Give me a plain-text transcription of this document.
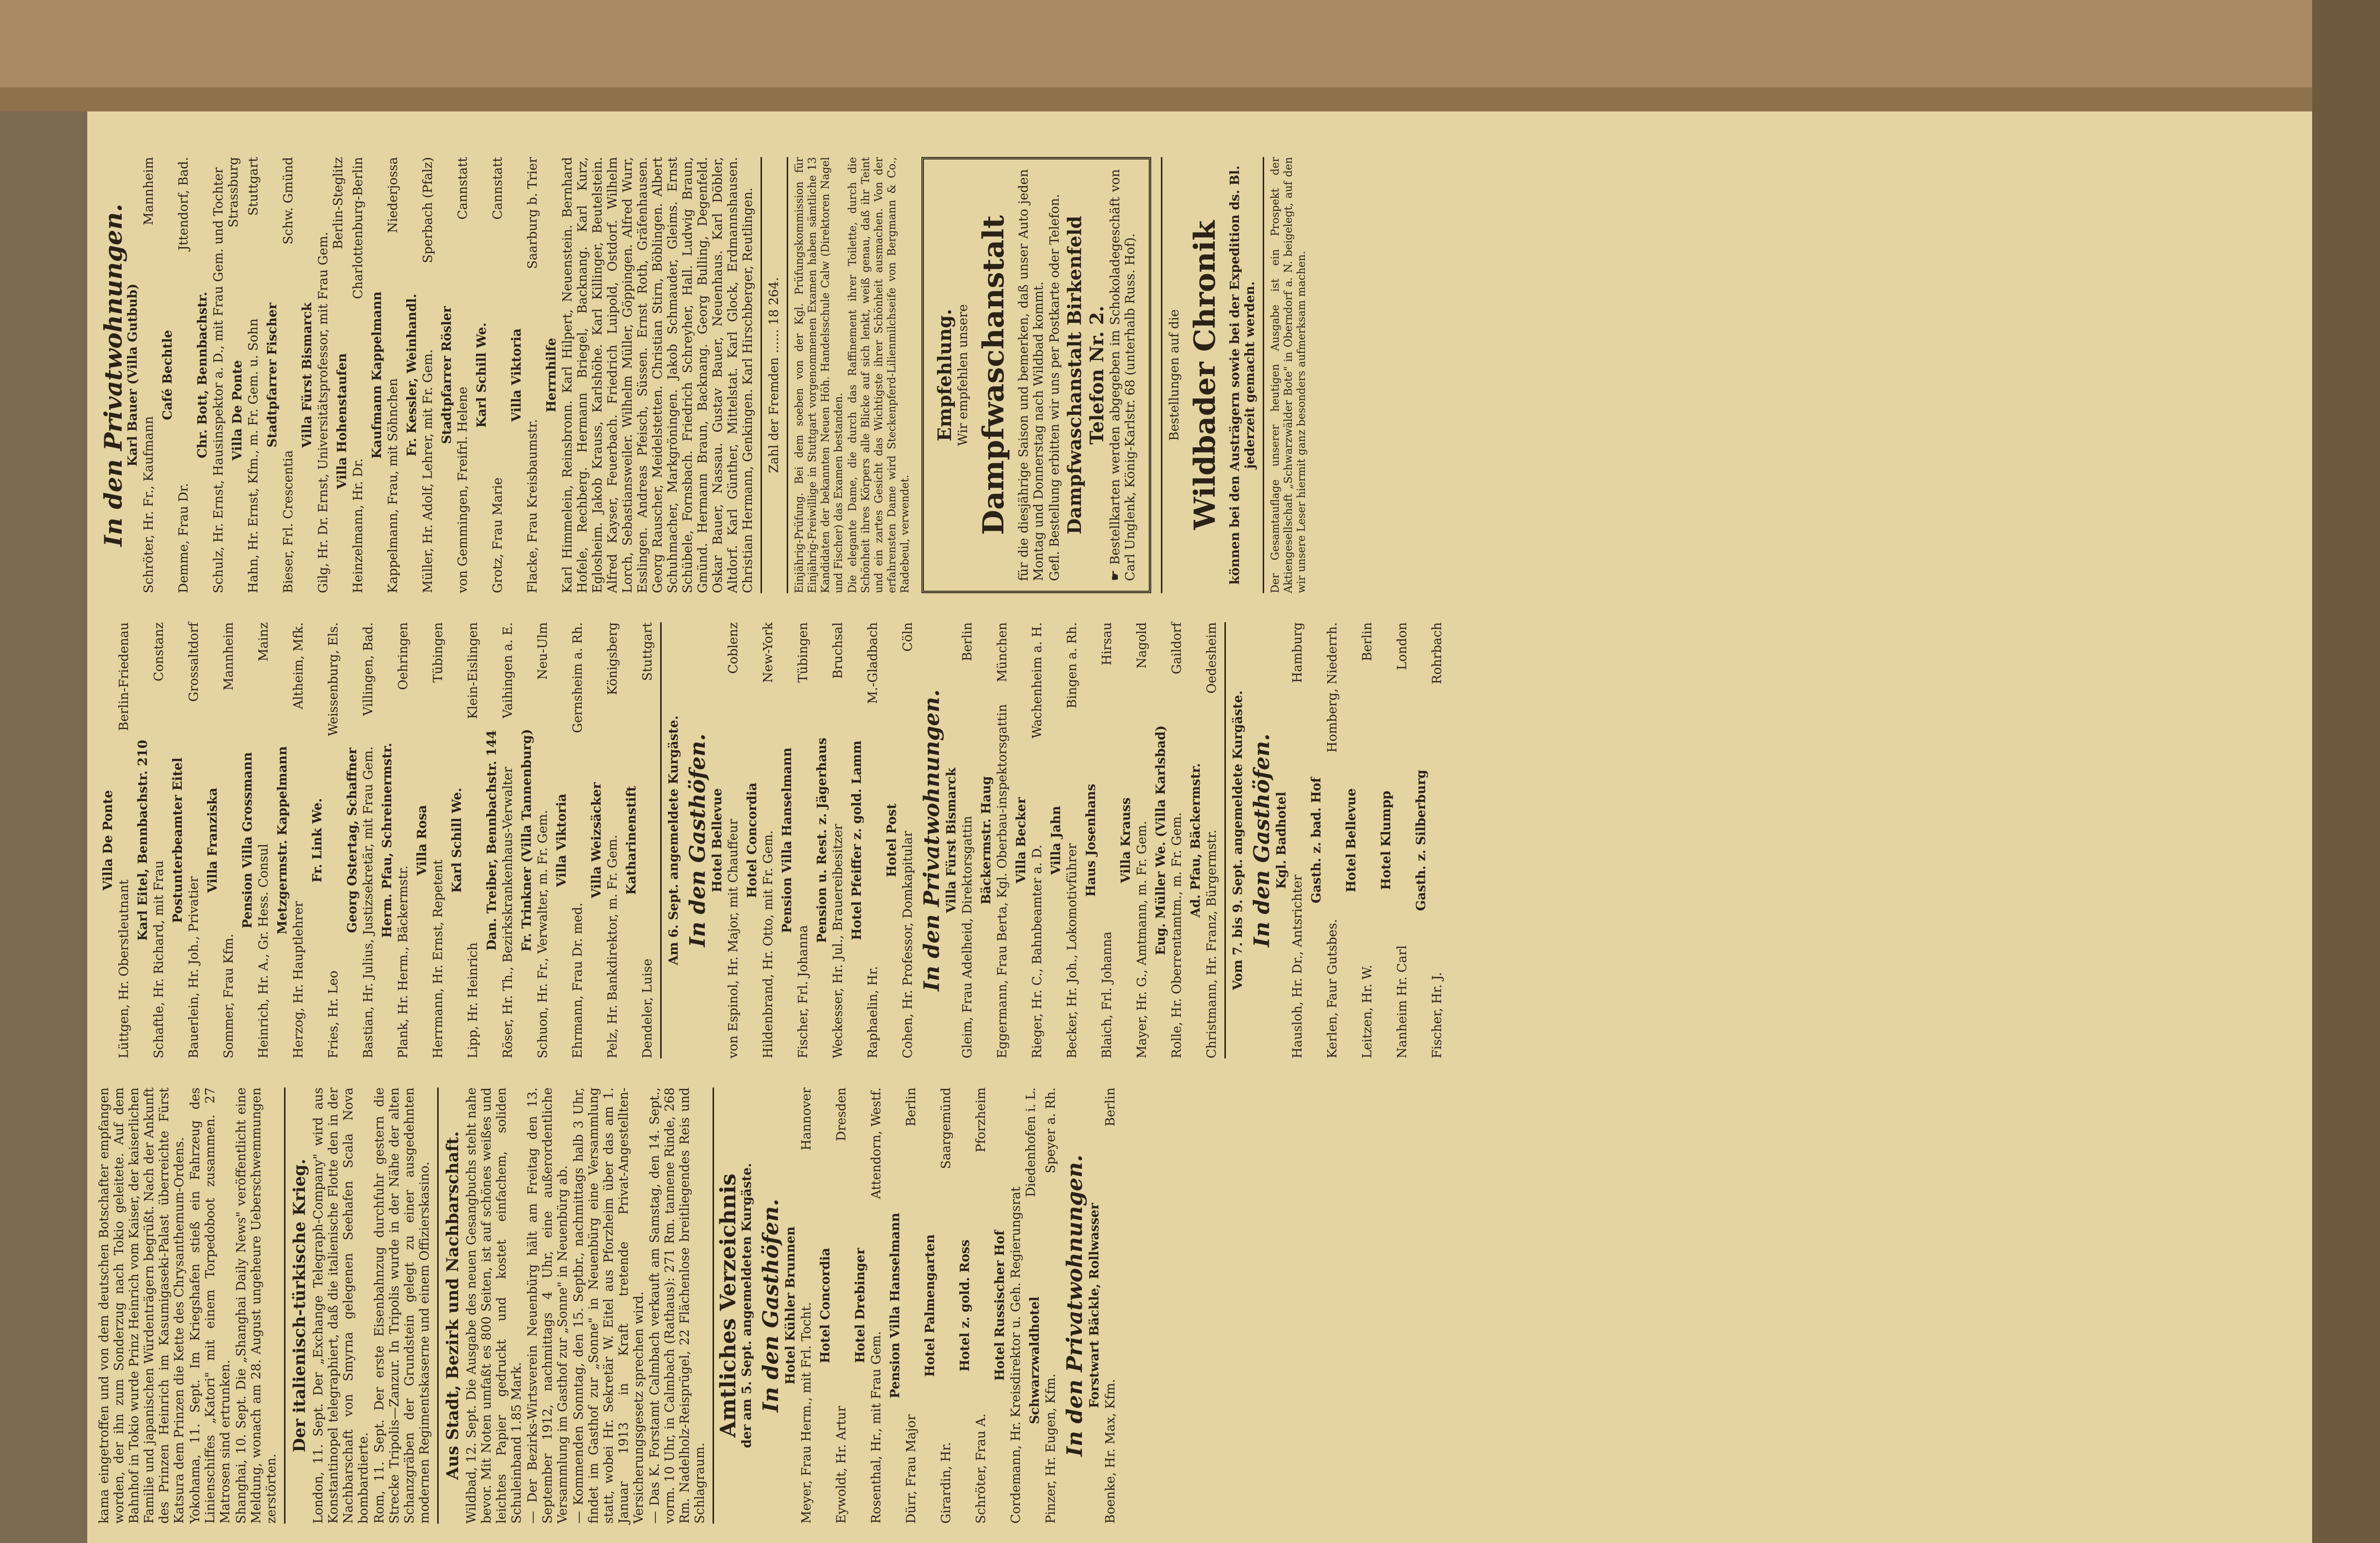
kama eingetroffen und von dem deutschen Botschafter empfangen worden, der ihn zum Sonderzug nach Tokio geleitete. Auf dem Bahnhof in Tokio wurde Prinz Heinrich vom Kaiser, der kaiserlichen Familie und japanischen Würdenträgern begrüßt. Nach der Ankunft des Prinzen Heinrich im Kasumigaseki-Palast überreichte Fürst Katsura dem Prinzen die Kette des Chrysanthemum-Ordens. Yokohama, 11. Sept. Im Kriegshafen stieß ein Fahrzeug des Linienschiffes „Katori" mit einem Torpedoboot zusammen. 27 Matrosen sind ertrunken. Shanghai, 10. Sept. Die „Shanghai Daily News" veröffentlicht eine Meldung, wonach am 28. August ungeheure Ueberschwemmungen zerstörten.

Der italienisch-türkische Krieg. London, 11. Sept. Der „Exchange Telegraph-Company" wird aus Konstantinopel telegraphiert, daß die italienische Flotte den in der Nachbarschaft von Smyrna gelegenen Seehafen Scala Nova bombardierte. Rom, 11. Sept. Der erste Eisenbahnzug durchfuhr gestern die Strecke Tripolis—Zanzur. In Tripolis wurde in der Nähe der alten Schanzgräben der Grundstein gelegt zu einer ausgedehnten modernen Regimentskaserne und einem Offizierskasino. Aus Stadt, Bezirk und Nachbarschaft. Wildbad, 12. Sept. Die Ausgabe des neuen Gesangbuchs steht nahe bevor. Mit Noten umfaßt es 800 Seiten, ist auf schönes weißes und leichtes Papier gedruckt und kostet einfachem, soliden Schuleinband 1.85 Mark. — Der Bezirks-Wirtsverein Neuenbürg hält am Freitag den 13. September 1912, nachmittags 4 Uhr, eine außerordentliche Versammlung im Gasthof zur „Sonne" in Neuenbürg ab. — Kommenden Sonntag, den 15. Septbr., nachmittags halb 3 Uhr, findet im Gasthof zur „Sonne" in Neuenbürg eine Versammlung statt, wobei Hr. Sekretär W. Eitel aus Pforzheim über das am 1. Januar 1913 in Kraft tretende Privat-Angestellten-Versicherungsgesetz sprechen wird. — Das K. Forstamt Calmbach verkauft am Samstag, den 14. Sept., vorm. 10 Uhr, in Calmbach (Rathaus): 271 Rm. tannene Rinde, 268 Rm. Nadelholz-Reisprügel, 22 Flächenlose breitliegendes Reis und Schlagraum.

Amtliches Verzeichnis
der am 5. Sept. angemeldeten Kurgäste. In den Gasthöfen. Hotel Kühler Brunnen Meyer, Frau Herm., mit Frl. Tocht.
Hannover

Hotel Concordia

Eywoldt, Hr. Artur
Dresden

Hotel Drebinger

Rosenthal, Hr., mit Frau Gem.
Attendorn, Westf.

Pension Villa Hanselmann

Dürr, Frau Major
Berlin

Hotel Palmengarten

Girardin, Hr.
Saargemünd

Hotel z. gold. Ross

Schröter, Frau A.
Pforzheim

Hotel Russischer Hof Cordemann, Hr. Kreisdirektor u. Geh. Regierungsrat
Diedenhofen i. L.

Schwarzwaldhotel

Pinzer, Hr. Eugen, Kfm.
Speyer a. Rh.

In den Privatwohnungen. Forstwart Bäckle, Rollwasser

Boenke, Hr. Max, Kfm.
Berlin

Villa De Ponte

Lüttgen, Hr. Oberstleutnant
Berlin-Friedenau

Karl Eitel, Bennbachstr. 210

Schaftle, Hr. Richard, mit Frau
Constanz

Postunterbeamter Eitel

Bauerlein, Hr. Joh., Privatier
Grossaltdorf

Villa Franziska

Sommer, Frau Kfm.
Mannheim

Pension Villa Grossmann

Heinrich, Hr. A., Gr. Hess. Consul
Mainz

Metzgermstr. Kappelmann

Herzog, Hr. Hauptlehrer
Altheim, Mfk.

Fr. Link We.

Fries, Hr. Leo
Weissenburg, Els.

Georg Ostertag, Schaffner Bastian, Hr. Julius, Justizsekretär, mit Frau Gem.
Villingen, Bad.

Herm. Pfau, Schreinermstr.

Plank, Hr. Herm., Bäckermstr.
Oehringen

Villa Rosa

Herrmann, Hr. Ernst, Repetent
Tübingen

Karl Schill We.

Lipp, Hr. Heinrich
Klein-Eislingen

Dan. Treiber, Bennbachstr. 144 Röser, Hr. Th., Bezirkskrankenhaus-Verwalter
Vaihingen a. E.

Fr. Trinkner (Villa Tannenburg) Schuon, Hr. Fr., Verwalter, m. Fr. Gem.
Neu-Ulm

Villa Viktoria

Ehrmann, Frau Dr. med.
Gernsheim a. Rh.

Villa Weizsäcker Pelz, Hr. Bankdirektor, m. Fr. Gem.
Königsberg

Katharinenstift

Dendeler, Luise
Stuttgart

Am 6. Sept. angemeldete Kurgäste. In den Gasthöfen. Hotel Bellevue von Espinol, Hr. Major, mit Chauffeur
Coblenz

Hotel Concordia Hildenbrand, Hr. Otto, mit Fr. Gem.
New-York

Pension Villa Hanselmann

Fischer, Frl. Johanna
Tübingen

Pension u. Rest. z. Jägerhaus Weckesser, Hr. Jul., Brauereibesitzer
Bruchsal

Hotel Pfeiffer z. gold. Lamm

Raphaelin, Hr.
M.-Gladbach

Hotel Post Cohen, Hr. Professor, Domkapitular
Cöln

In den Privatwohnungen. Villa Fürst Bismarck Gleim, Frau Adelheid, Direktorsgattin
Berlin

Bäckermstr. Haug Eggermann, Frau Berta, Kgl. Oberbau-inspektorsgattin
München

Villa Becker

Rieger, Hr. C., Bahnbeamter a. D.
Wachenheim a. H.

Villa Jahn

Becker, Hr. Joh., Lokomotivführer
Bingen a. Rh.

Haus Josenhans

Blaich, Frl. Johanna
Hirsau

Villa Krauss Mayer, Hr. G., Amtmann, m. Fr. Gem.
Nagold

Eug. Müller We. (Villa Karlsbad) Rolle, Hr. Oberrentamtm., m. Fr. Gem.
Gaildorf

Ad. Pfau, Bäckermstr. Christmann, Hr. Franz, Bürgermstr.
Oedesheim

Vom 7. bis 9. Sept. angemeldete Kurgäste. In den Gasthöfen. Kgl. Badhotel

Hausloh, Hr. Dr., Antsrichter
Hamburg

Gasth. z. bad. Hof

Kerlen, Faur Gutsbes.
Homberg, Niederrh.

Hotel Bellevue

Leitzen, Hr. W.
Berlin

Hotel Klumpp

Nanheim Hr. Carl
London

Gasth. z. Silberburg

Fischer, Hr. J.
Rohrbach

In den Privatwohnungen.
Karl Bauer (Villa Gutbub)

Schröter, Hr. Fr., Kaufmann
Mannheim

Café Bechtle

Demme, Frau Dr.
Jttendorf, Bad.

Chr. Bott, Bennbachstr. Schulz, Hr. Ernst, Hausinspektor a. D., mit Frau Gem. und Tochter Strassburg

Villa De Ponte Hahn, Hr. Ernst, Kfm., m. Fr. Gem. u. Sohn
Stuttgart

Stadtpfarrer Fischer

Bieser, Frl. Crescentia
Schw. Gmünd

Villa Fürst Bismarck Gilg, Hr. Dr. Ernst, Universitätsprofessor, mit Frau Gem.
Berlin-Steglitz

Villa Hohenstaufen

Heinzelmann, Hr. Dr.
Charlottenburg-Berlin

Kaufmann Kappelmann

Kappelmann, Frau, mit Söhnchen
Niederjossa

Fr. Kessler, Weinhandl. Müller, Hr. Adolf, Lehrer, mit Fr. Gem.
Sperbach (Pfalz)

Stadtpfarrer Rösler

von Gemmingen, Freifrl. Helene
Cannstatt

Karl Schill We.

Grotz, Frau Marie
Cannstatt

Villa Viktoria

Flacke, Frau Kreisbaumstr.
Saarburg b. Trier

Herrnhilfe Karl Himmelein, Reinsbronn. Karl Hilpert, Neuenstein. Bernhard Hofele, Rechberg. Hermann Briegel, Backnang. Karl Kurz, Eglosheim. Jakob Krauss, Karlshöhe. Karl Killinger, Beutelstein. Alfred Kayser, Feuerbach. Friedrich Luipold, Ostdorf. Wilhelm Lorch, Sebastiansweiler. Wilhelm Müller, Göppingen. Alfred Wurr, Esslingen. Andreas Pfeisch, Süssen. Ernst Roth, Gräfenhausen. Georg Rauscher, Meidelstetten. Christian Stirn, Böblingen. Albert Schuhmacher, Markgröningen. Jakob Schmauder, Gleims. Ernst Schübele, Fornsbach. Friedrich Schreyher, Hall. Ludwig Braun, Gmünd. Hermann Braun, Backnang. Georg Bulling, Degenfeld. Oskar Bauer, Nassau. Gustav Bauer, Neuenhaus. Karl Döbler, Altdorf. Karl Günther, Mittelstat. Karl Glock, Erdmannshausen. Christian Hermann, Genkingen. Karl Hirschberger, Reutlingen. Zahl der Fremden ...... 18 264. Einjährig-Prüfung. Bei dem soeben von der Kgl. Prüfungskommission für Einjährig-Freiwillige in Stuttgart vorgenommenen Examen haben sämtliche 13 Kandidaten der bekannten Neuen Höh. Handelsschule Calw (Direktoren Nagel und Fischer) das Examen bestanden. Die elegante Dame, die durch das Raffinement ihrer Toilette, durch die Schönheit ihres Körpers alle Blicke auf sich lenkt, weiß genau, daß ihr Teint und ein zartes Gesicht das Wichtigste ihrer Schönheit ausmachen. Von der erfahrensten Dame wird Steckenpferd-Lilienmilchseife von Bergmann & Co., Radebeul, verwendet.

Empfehlung. Wir empfehlen unsere Dampfwaschanstalt für die diesjährige Saison und bemerken, daß unser Auto jeden Montag und Donnerstag nach Wildbad kommt. Gefl. Bestellung erbitten wir uns per Postkarte oder Telefon. Dampfwaschanstalt Birkenfeld Telefon Nr. 2.

☛ Bestellkarten werden abgegeben im Schokoladegeschäft von Carl Unglenk, König-Karlstr. 68 (unterhalb Russ. Hof). Bestellungen auf die Wildbader Chronik können bei den Austrägern sowie bei der Expedition ds. Bl. jederzeit gemacht werden. Der Gesamtauflage unserer heutigen Ausgabe ist ein Prospekt der Aktiengesellschaft „Schwarzwälder Bote" in Oberndorf a. N. beigelegt, auf den wir unsere Leser hiermit ganz besonders aufmerksam machen.
